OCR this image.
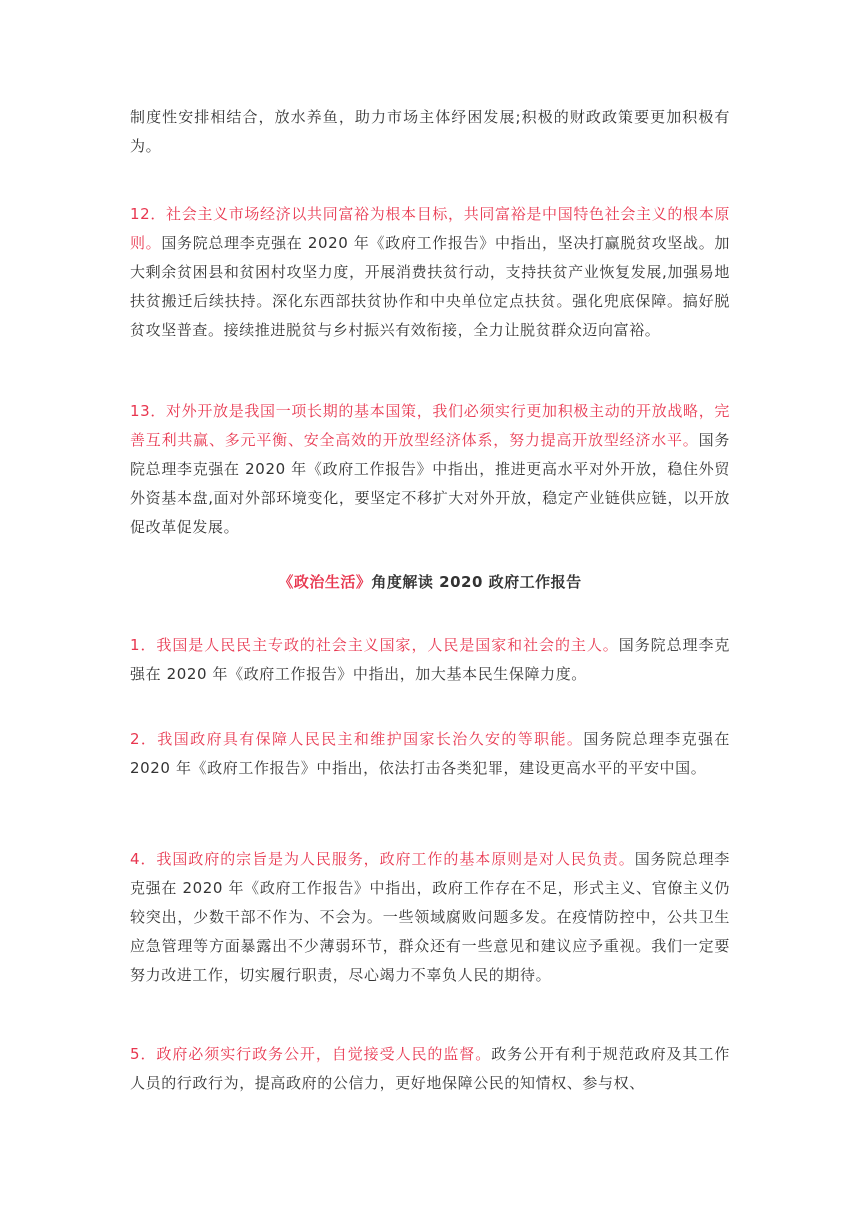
制度性安排相结合，放水养鱼，助力市场主体纾困发展;积极的财政政策要更加积极有为。

12．社会主义市场经济以共同富裕为根本目标，共同富裕是中国特色社会主义的根本原则。国务院总理李克强在 2020 年《政府工作报告》中指出，坚决打赢脱贫攻坚战。加大剩余贫困县和贫困村攻坚力度，开展消费扶贫行动，支持扶贫产业恢复发展,加强易地扶贫搬迁后续扶持。深化东西部扶贫协作和中央单位定点扶贫。强化兜底保障。搞好脱贫攻坚普查。接续推进脱贫与乡村振兴有效衔接，全力让脱贫群众迈向富裕。

13．对外开放是我国一项长期的基本国策，我们必须实行更加积极主动的开放战略，完善互利共赢、多元平衡、安全高效的开放型经济体系，努力提高开放型经济水平。国务院总理李克强在 2020 年《政府工作报告》中指出，推进更高水平对外开放，稳住外贸外资基本盘,面对外部环境变化，要坚定不移扩大对外开放，稳定产业链供应链，以开放促改革促发展。

《政治生活》角度解读 2020 政府工作报告

1．我国是人民民主专政的社会主义国家，人民是国家和社会的主人。国务院总理李克强在 2020 年《政府工作报告》中指出，加大基本民生保障力度。

2．我国政府具有保障人民民主和维护国家长治久安的等职能。国务院总理李克强在 2020 年《政府工作报告》中指出，依法打击各类犯罪，建设更高水平的平安中国。

4．我国政府的宗旨是为人民服务，政府工作的基本原则是对人民负责。国务院总理李克强在 2020 年《政府工作报告》中指出，政府工作存在不足，形式主义、官僚主义仍较突出，少数干部不作为、不会为。一些领域腐败问题多发。在疫情防控中，公共卫生应急管理等方面暴露出不少薄弱环节，群众还有一些意见和建议应予重视。我们一定要努力改进工作，切实履行职责，尽心竭力不辜负人民的期待。

5．政府必须实行政务公开，自觉接受人民的监督。政务公开有利于规范政府及其工作人员的行政行为，提高政府的公信力，更好地保障公民的知情权、参与权、
